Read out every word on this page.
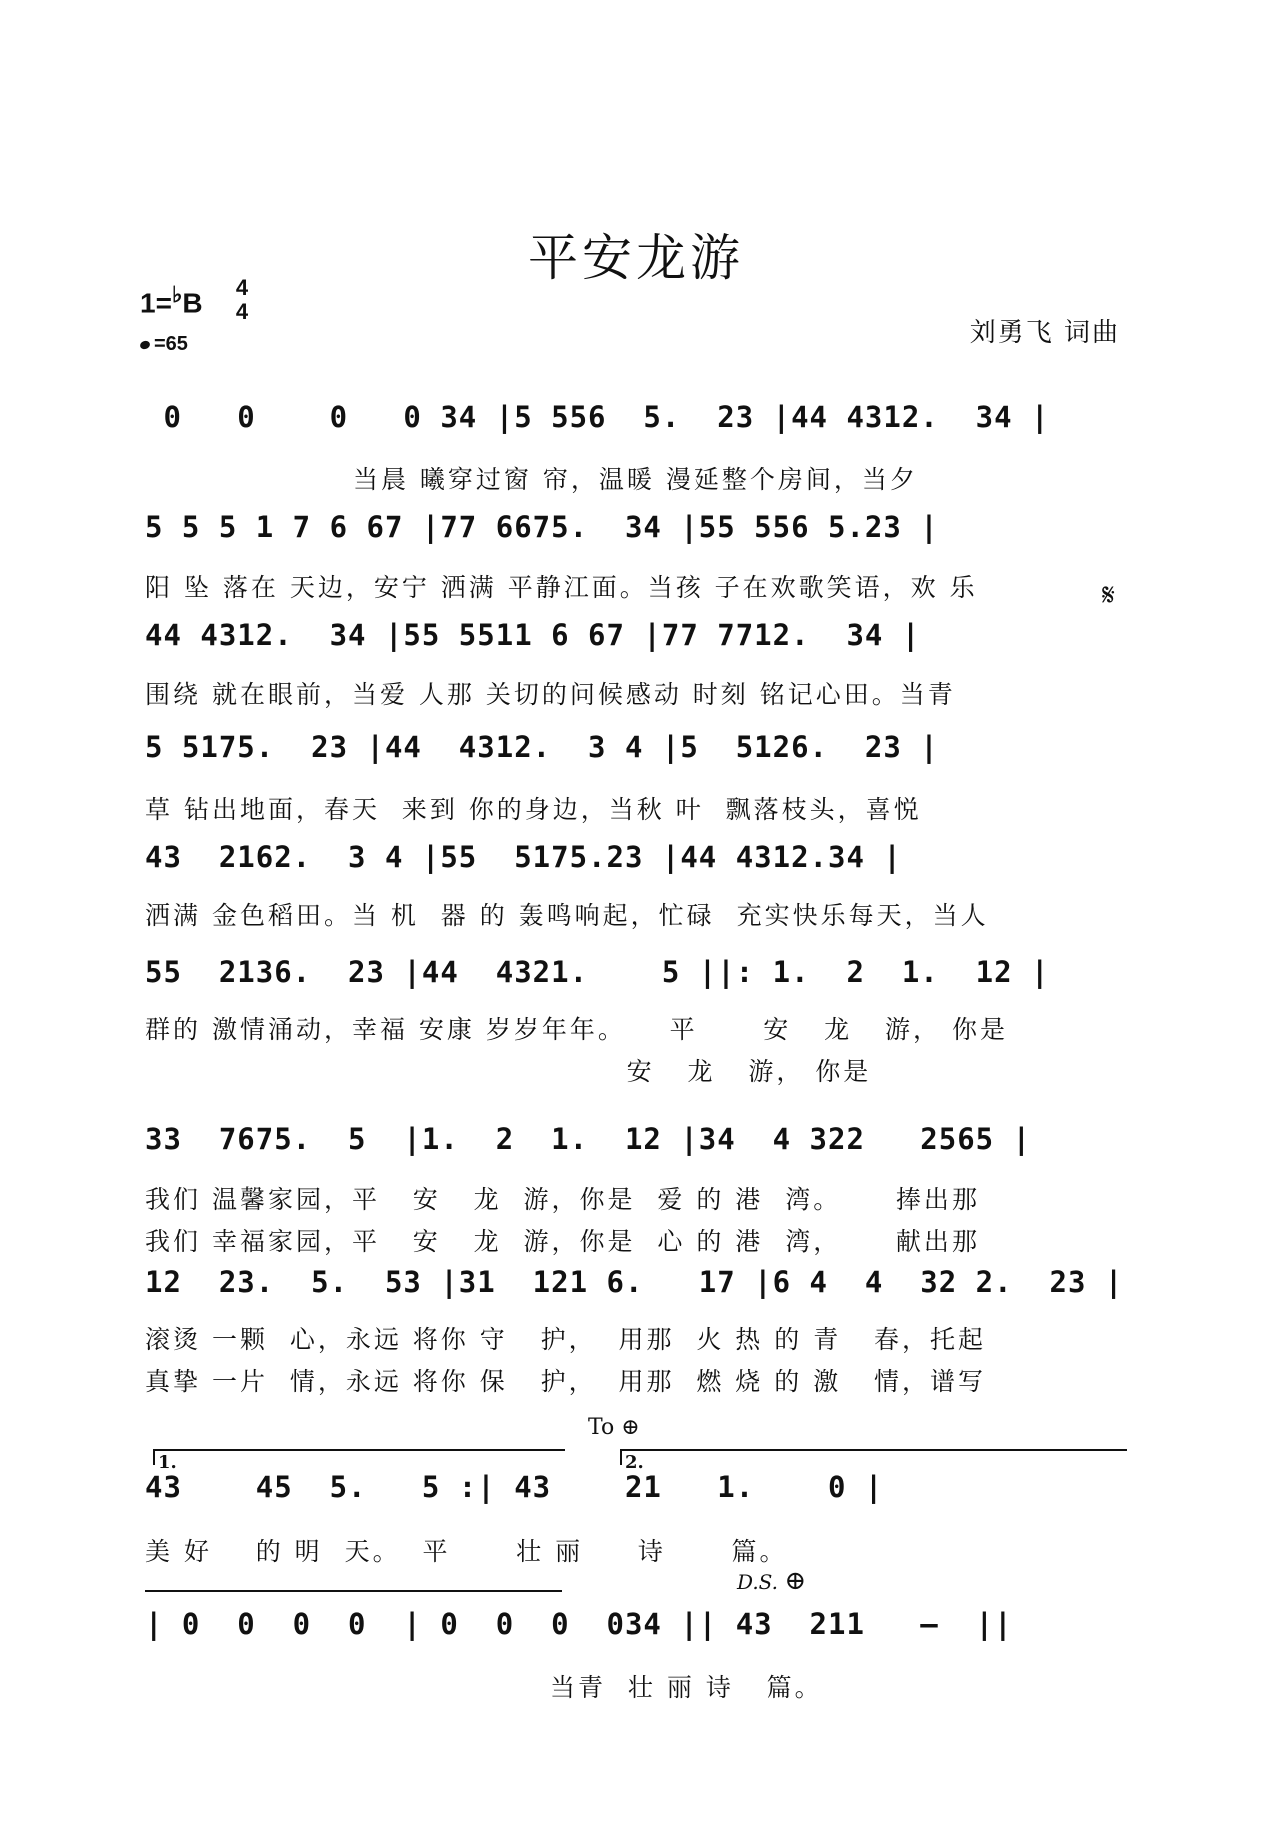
平安龙游
1=♭B 4
4
=65	刘勇飞 词曲
0   0    0   0 34 |5 556  5.  23 |44 4312.  34 |
当晨 曦穿过窗 帘，温暖 漫延整个房间，当夕
5 5 5 1 7 6 67 |77 6675.  34 |55 556 5.23 |
阳 坠 落在 天边，安宁 洒满 平静江面。当孩 子在欢歌笑语，欢 乐
44 4312.  34 |55 5511 6 67 |77 7712.  34 |
围绕 就在眼前，当爱 人那 关切的问候感动 时刻 铭记心田。当青
5 5175.  23 |44  4312.  3 4 |5  5126.  23 |
草 钻出地面，春天  来到 你的身边，当秋 叶  飘落枝头，喜悦
43  2162.  3 4 |55  5175.23 |44 4312.34 |
洒满 金色稻田。当 机  器 的 轰鸣响起，忙碌  充实快乐每天，当人
55  2136.  23 |44  4321.    5 ||: 1.  2  1.  12 |
群的 激情涌动，幸福 安康 岁岁年年。    平      安   龙   游， 你是
安   龙   游， 你是
33  7675.  5  |1.  2  1.  12 |34  4 322   2565 |
我们 温馨家园，平   安   龙  游，你是  爱 的 港  湾。     捧出那
我们 幸福家园，平   安   龙  游，你是  心 的 港  湾，     献出那
12  23.  5.  53 |31  121 6.   17 |6 4  4  32 2.  23 |
滚烫 一颗  心，永远 将你 守   护，  用那  火 热 的 青   春，托起
真挚 一片  情，永远 将你 保   护，  用那  燃 烧 的 激   情，谱写
43    45  5.   5 :| 43    21   1.    0 |
美 好    的 明  天。  平      壮 丽     诗      篇。
| 0  0  0  0  | 0  0  0  034 || 43  211   –  ||
当青  壮 丽 诗   篇。
To ⊕
1.	2.
D.S. ⊕
𝄋
